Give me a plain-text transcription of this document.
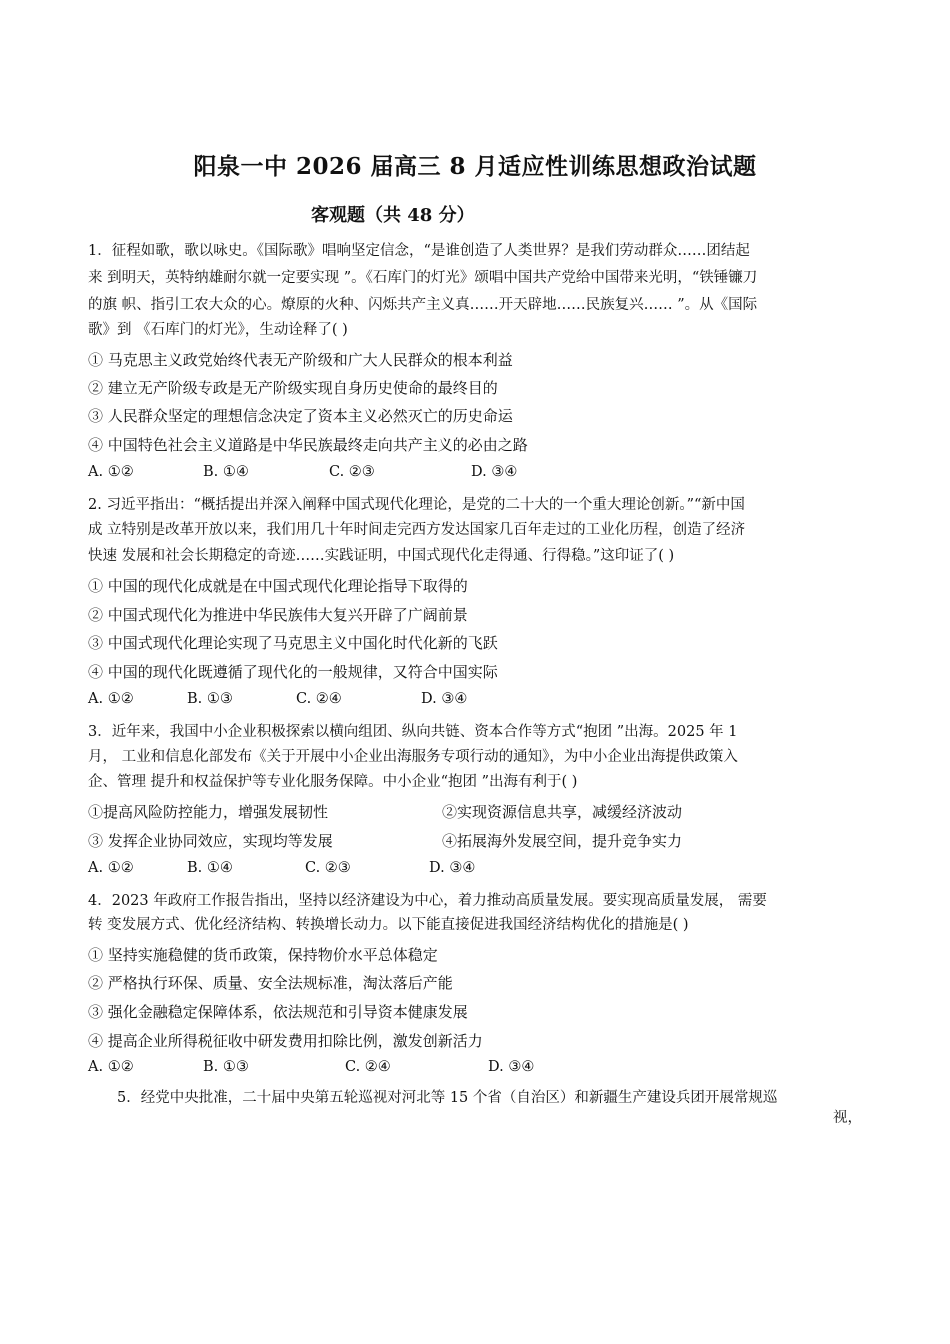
阳泉一中 2026 届高三 8 月适应性训练思想政治试题
客观题（共 48 分）
1．征程如歌，歌以咏史。《国际歌》唱响坚定信念，“是谁创造了人类世界？是我们劳动群众……团结起
来 到明天，英特纳雄耐尔就一定要实现 ”。《石库门的灯光》颂唱中国共产党给中国带来光明，“铁锤镰刀
的旗 帜、指引工农大众的心。燎原的火种、闪烁共产主义真……开天辟地……民族复兴…… ”。从《国际
歌》到 《石库门的灯光》，生动诠释了( )
① 马克思主义政党始终代表无产阶级和广大人民群众的根本利益
② 建立无产阶级专政是无产阶级实现自身历史使命的最终目的
③ 人民群众坚定的理想信念决定了资本主义必然灭亡的历史命运
④ 中国特色社会主义道路是中华民族最终走向共产主义的必由之路
A. ①②	B. ①④	C. ②③	D. ③④
2. 习近平指出：“概括提出并深入阐释中国式现代化理论，是党的二十大的一个重大理论创新。”“新中国
成 立特别是改革开放以来，我们用几十年时间走完西方发达国家几百年走过的工业化历程，创造了经济
快速 发展和社会长期稳定的奇迹……实践证明，中国式现代化走得通、行得稳。”这印证了( )
① 中国的现代化成就是在中国式现代化理论指导下取得的
② 中国式现代化为推进中华民族伟大复兴开辟了广阔前景
③ 中国式现代化理论实现了马克思主义中国化时代化新的飞跃
④ 中国的现代化既遵循了现代化的一般规律，又符合中国实际
A. ①②	B. ①③	C. ②④	D. ③④
3．近年来，我国中小企业积极探索以横向组团、纵向共链、资本合作等方式“抱团 ”出海。2025 年 1
月， 工业和信息化部发布《关于开展中小企业出海服务专项行动的通知》，为中小企业出海提供政策入
企、管理 提升和权益保护等专业化服务保障。中小企业“抱团 ”出海有利于( )
①提高风险防控能力，增强发展韧性	②实现资源信息共享，减缓经济波动
③ 发挥企业协同效应，实现均等发展	④拓展海外发展空间，提升竞争实力
A. ①②	B. ①④	C. ②③	D. ③④
4．2023 年政府工作报告指出，坚持以经济建设为中心，着力推动高质量发展。要实现高质量发展， 需要
转 变发展方式、优化经济结构、转换增长动力。以下能直接促进我国经济结构优化的措施是( )
① 坚持实施稳健的货币政策，保持物价水平总体稳定
② 严格执行环保、质量、安全法规标准，淘汰落后产能
③ 强化金融稳定保障体系，依法规范和引导资本健康发展
④ 提高企业所得税征收中研发费用扣除比例，激发创新活力
A. ①②	B. ①③	C. ②④	D. ③④
5．经党中央批准，二十届中央第五轮巡视对河北等 15 个省（自治区）和新疆生产建设兵团开展常规巡
视，
